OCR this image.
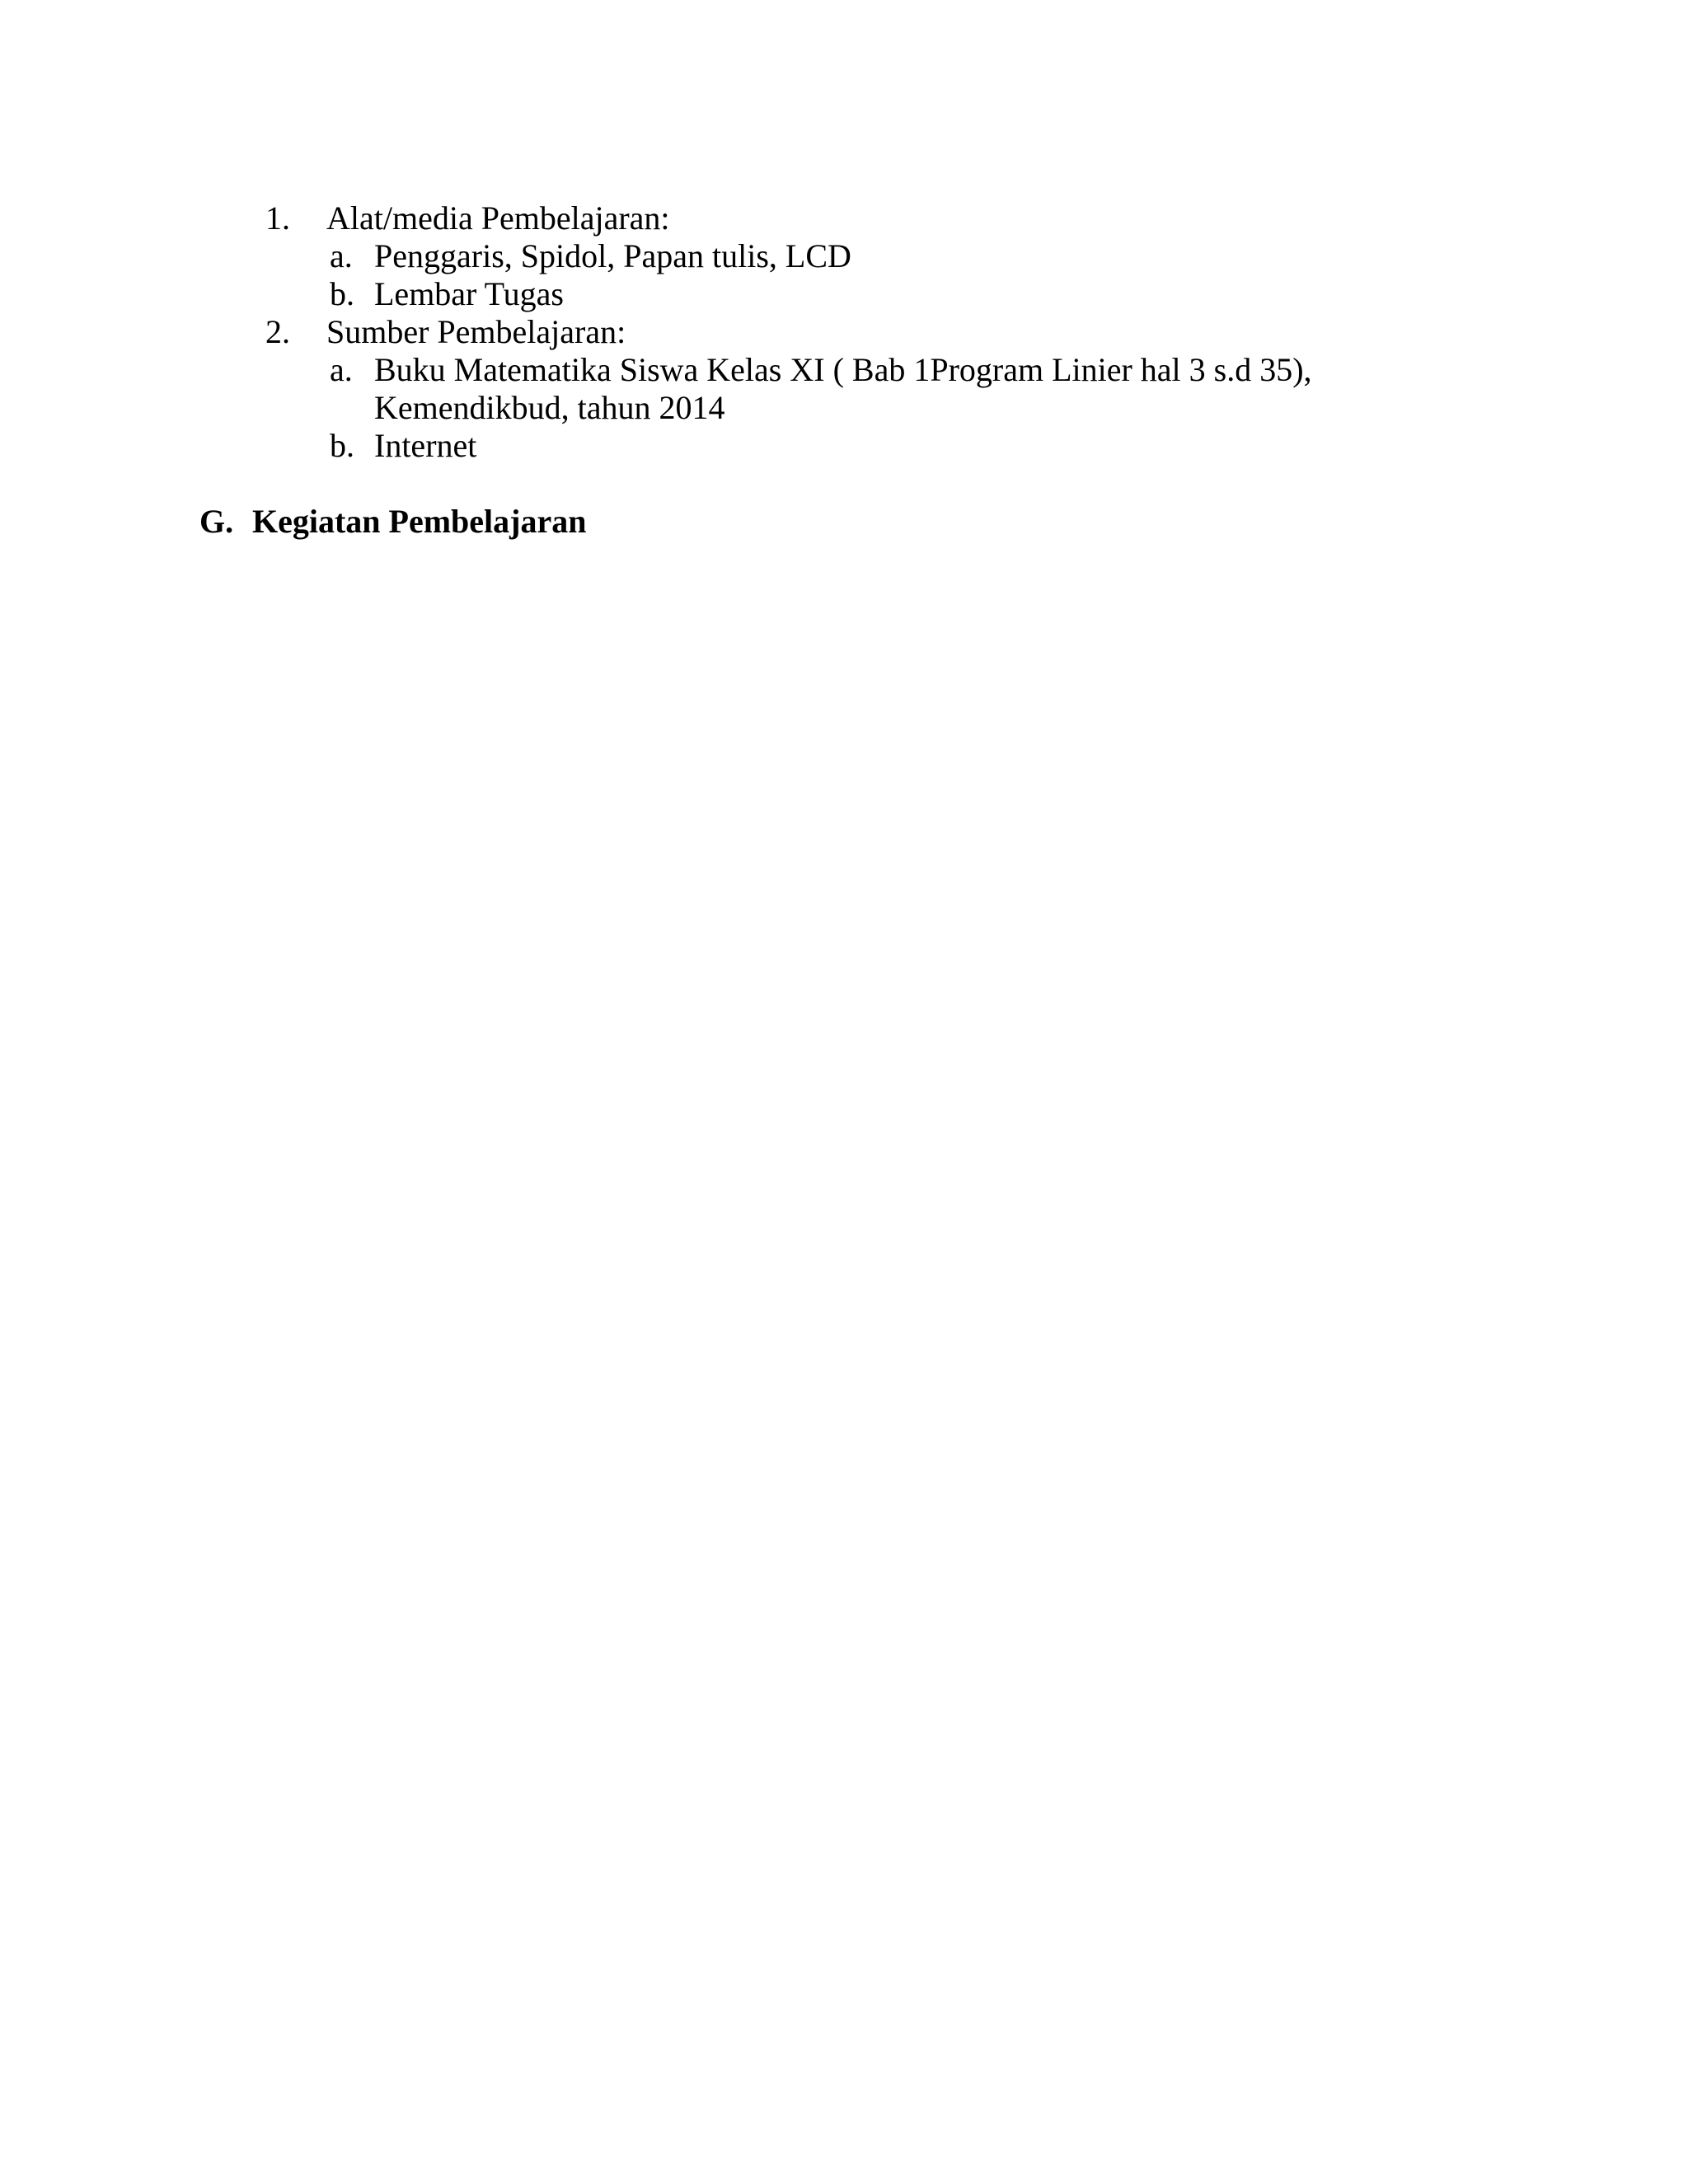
1. Alat/media Pembelajaran:
a. Penggaris, Spidol, Papan tulis, LCD
b. Lembar Tugas
2. Sumber Pembelajaran:
a. Buku Matematika Siswa Kelas XI ( Bab 1Program Linier hal 3 s.d 35),
Kemendikbud, tahun 2014
b. Internet
G. Kegiatan Pembelajaran
